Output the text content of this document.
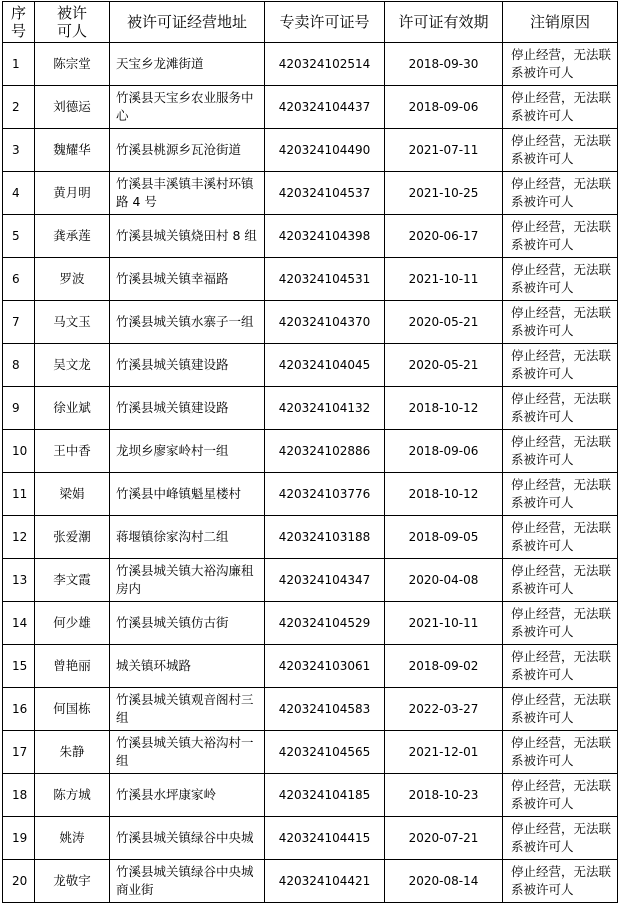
序号	被许可人	被许可证经营地址	专卖许可证号	许可证有效期	注销原因
1	陈宗堂	天宝乡龙滩街道	420324102514	2018-09-30	停止经营，无法联系被许可人
2	刘德运	竹溪县天宝乡农业服务中心	420324104437	2018-09-06	停止经营，无法联系被许可人
3	魏耀华	竹溪县桃源乡瓦沧街道	420324104490	2021-07-11	停止经营，无法联系被许可人
4	黄月明	竹溪县丰溪镇丰溪村环镇路 4 号	420324104537	2021-10-25	停止经营，无法联系被许可人
5	龚承莲	竹溪县城关镇烧田村 8 组	420324104398	2020-06-17	停止经营，无法联系被许可人
6	罗波	竹溪县城关镇幸福路	420324104531	2021-10-11	停止经营，无法联系被许可人
7	马文玉	竹溪县城关镇水寨子一组	420324104370	2020-05-21	停止经营，无法联系被许可人
8	吴文龙	竹溪县城关镇建设路	420324104045	2020-05-21	停止经营，无法联系被许可人
9	徐业斌	竹溪县城关镇建设路	420324104132	2018-10-12	停止经营，无法联系被许可人
10	王中香	龙坝乡廖家岭村一组	420324102886	2018-09-06	停止经营，无法联系被许可人
11	梁娟	竹溪县中峰镇魁星楼村	420324103776	2018-10-12	停止经营，无法联系被许可人
12	张爱潮	蒋堰镇徐家沟村二组	420324103188	2018-09-05	停止经营，无法联系被许可人
13	李文霞	竹溪县城关镇大裕沟廉租房内	420324104347	2020-04-08	停止经营，无法联系被许可人
14	何少雄	竹溪县城关镇仿古街	420324104529	2021-10-11	停止经营，无法联系被许可人
15	曾艳丽	城关镇环城路	420324103061	2018-09-02	停止经营，无法联系被许可人
16	何国栋	竹溪县城关镇观音阁村三组	420324104583	2022-03-27	停止经营，无法联系被许可人
17	朱静	竹溪县城关镇大裕沟村一组	420324104565	2021-12-01	停止经营，无法联系被许可人
18	陈方城	竹溪县水坪康家岭	420324104185	2018-10-23	停止经营，无法联系被许可人
19	姚涛	竹溪县城关镇绿谷中央城	420324104415	2020-07-21	停止经营，无法联系被许可人
20	龙敬宇	竹溪县城关镇绿谷中央城商业街	420324104421	2020-08-14	停止经营，无法联系被许可人
